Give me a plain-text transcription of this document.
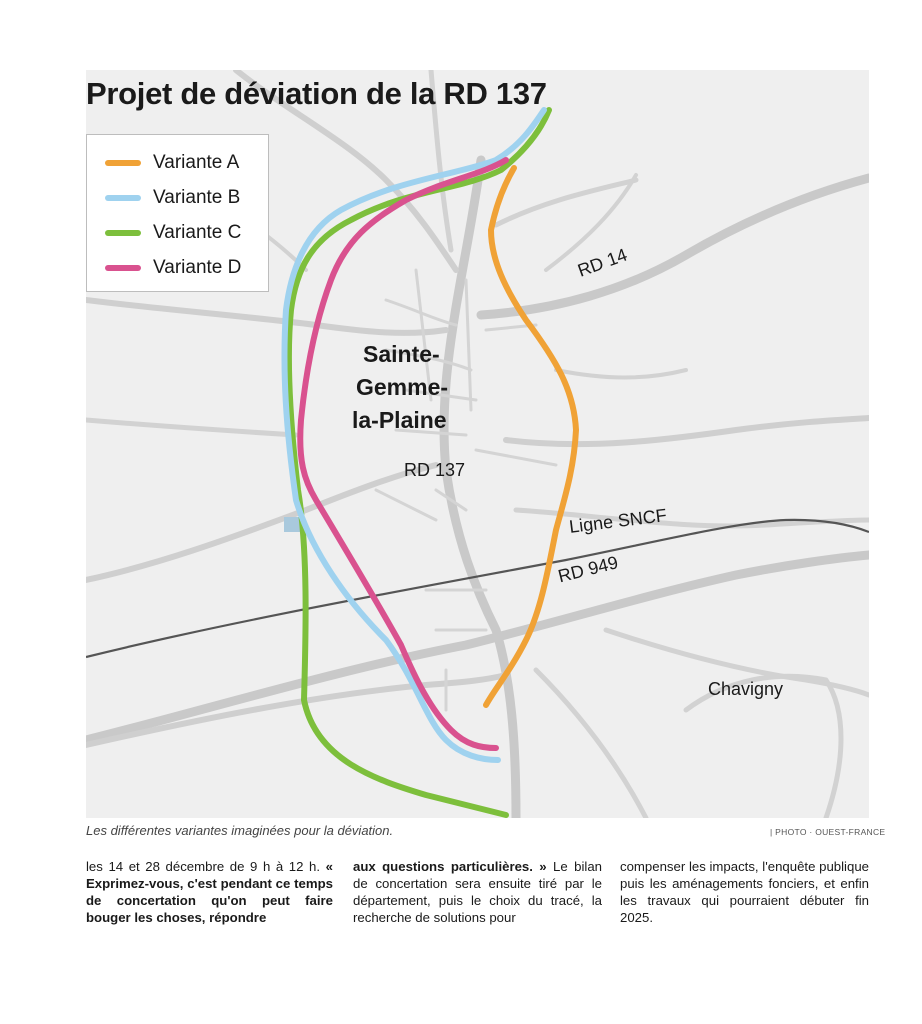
Projet de déviation de la RD 137
Variante A
Variante B
Variante C
Variante D
Sainte-
Gemme-
la-Plaine
RD 137
RD 14
Ligne SNCF
RD 949
Chavigny
Les différentes variantes imaginées pour la déviation.	| PHOTO · OUEST-FRANCE

les 14 et 28 décembre de 9 h à 12 h. « Exprimez-vous, c'est pendant ce temps de concertation qu'on peut faire bouger les choses, répondre

aux questions particulières. » Le bilan de concertation sera ensuite tiré par le département, puis le choix du tracé, la recherche de solutions pour

compenser les impacts, l'enquête publique puis les aménagements fonciers, et enfin les travaux qui pourraient débuter fin 2025.
